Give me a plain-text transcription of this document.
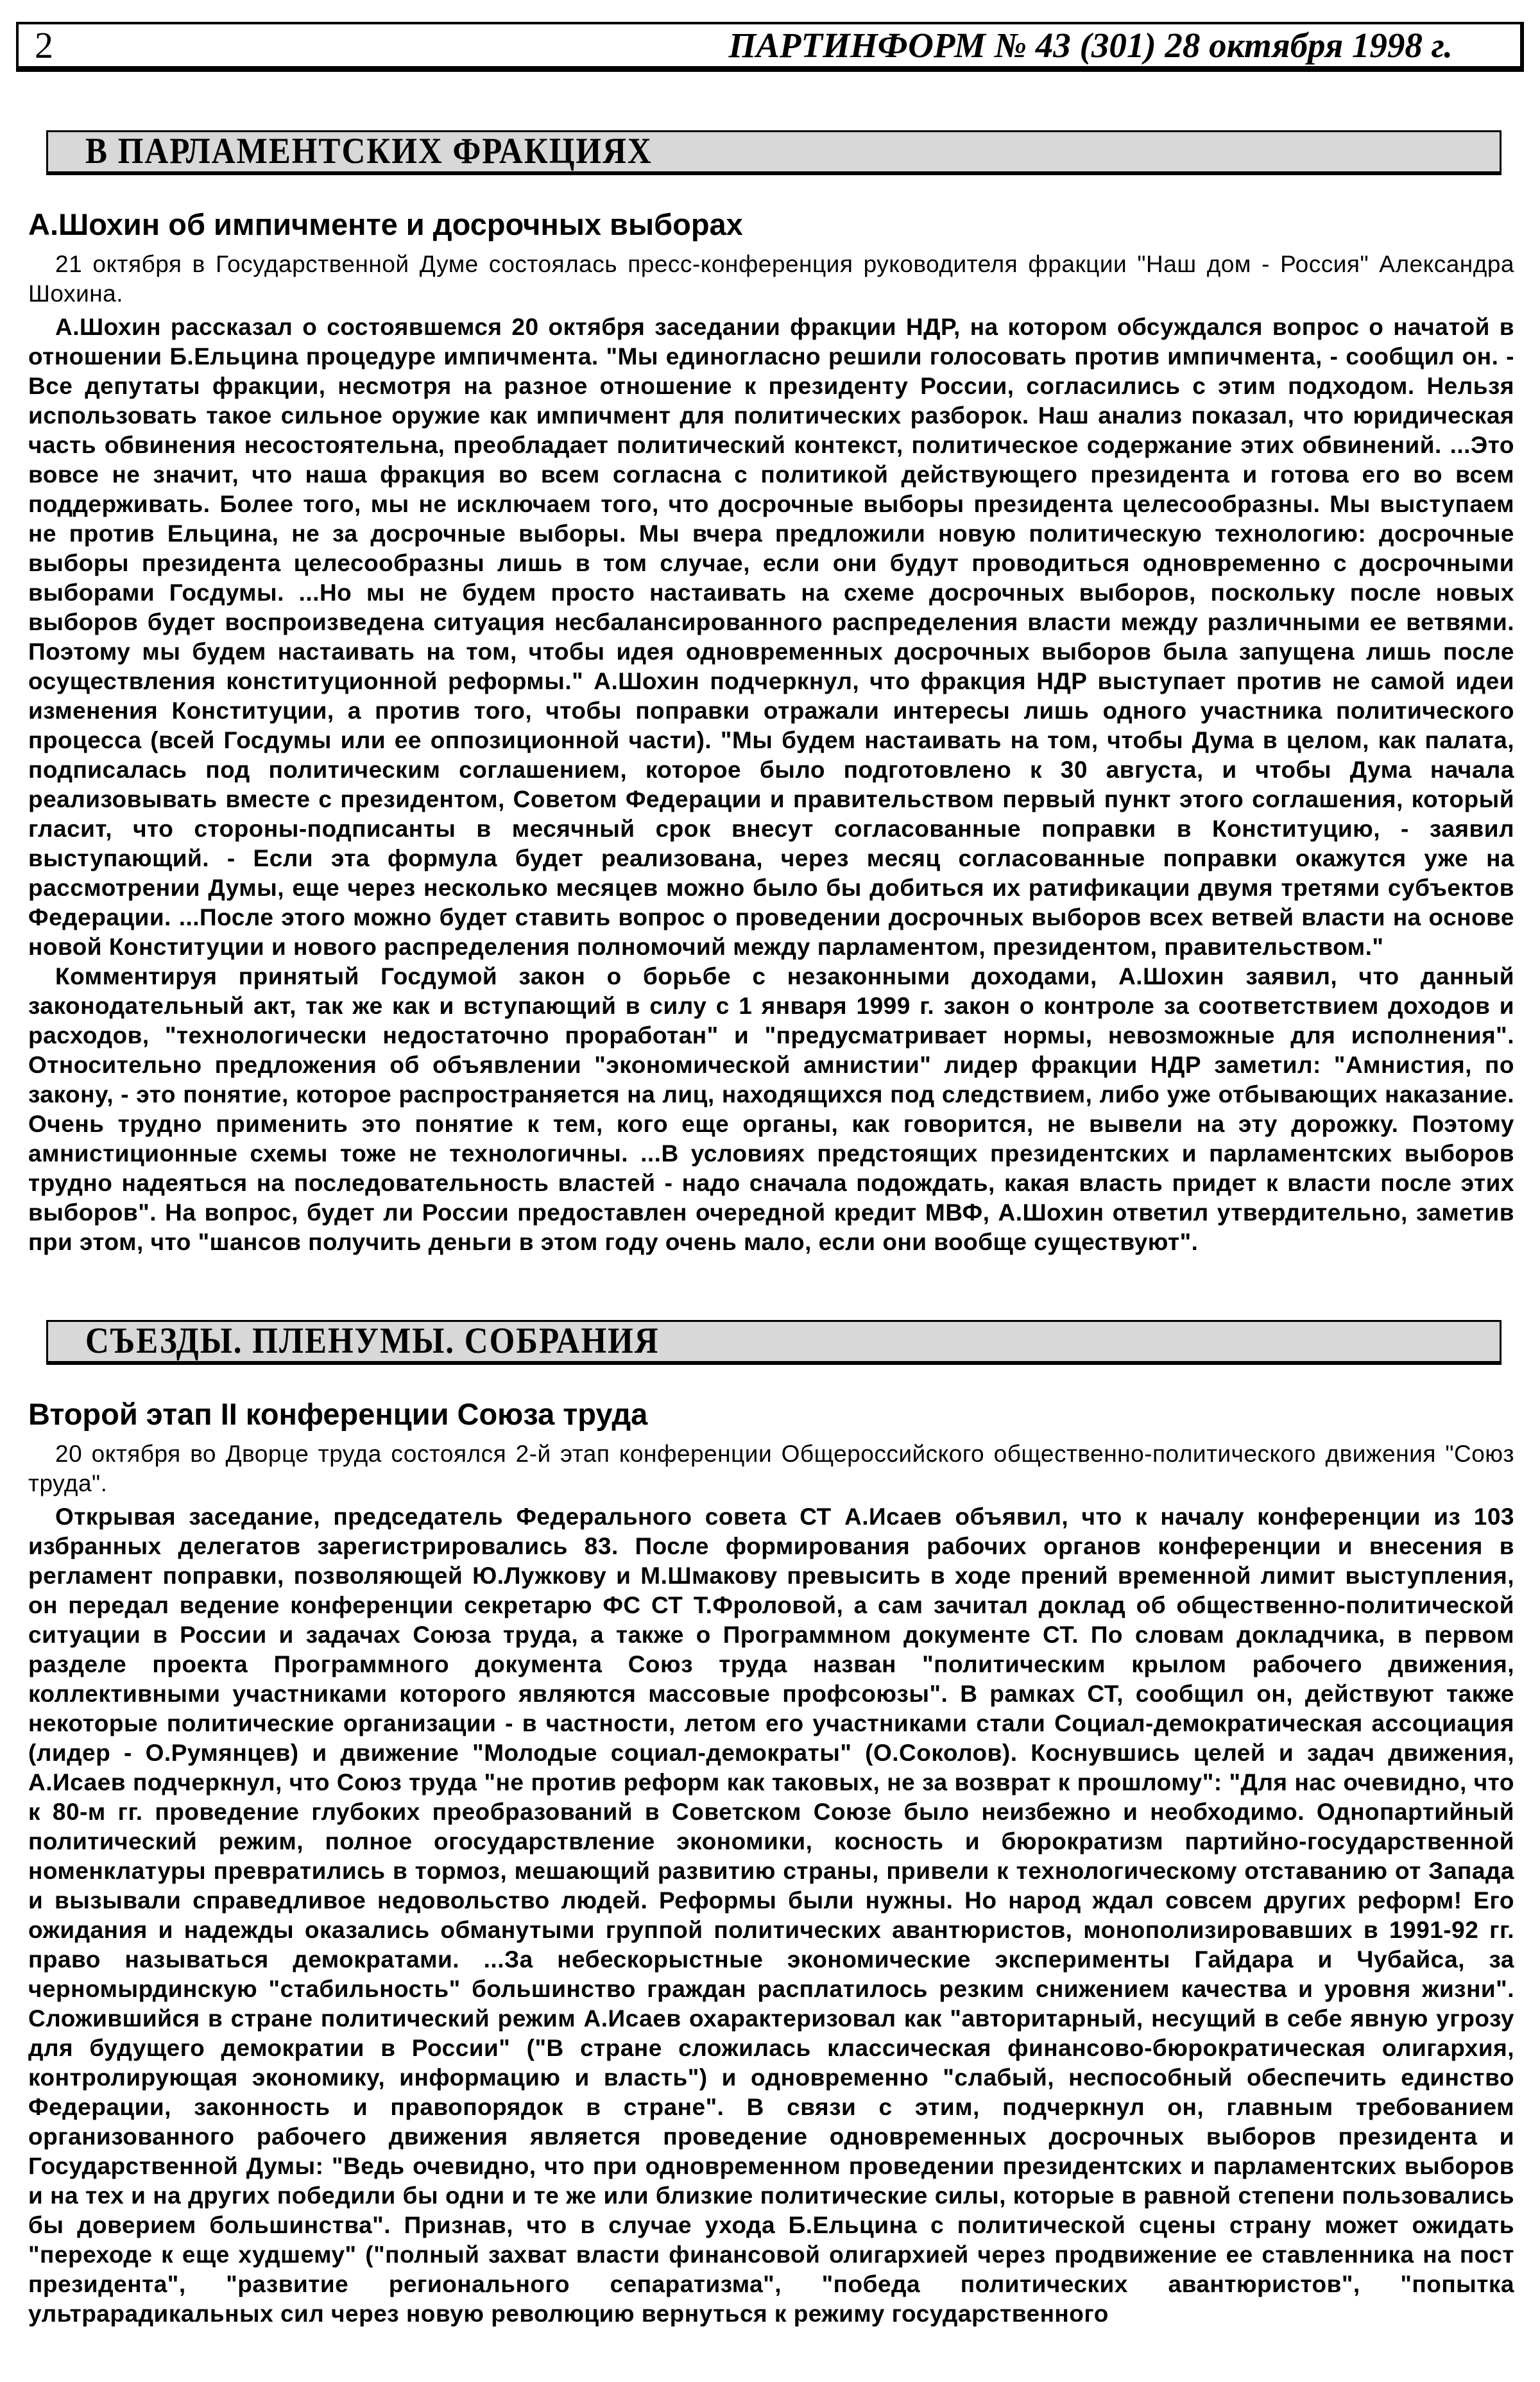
2	ПАРТИНФОРМ № 43 (301) 28 октября 1998 г.
В ПАРЛАМЕНТСКИХ ФРАКЦИЯХ
А.Шохин об импичменте и досрочных выборах

21 октября в Государственной Думе состоялась пресс-конференция руководителя фракции "Наш дом - Россия" Александра Шохина.

А.Шохин рассказал о состоявшемся 20 октября заседании фракции НДР, на котором обсуждался вопрос о начатой в отношении Б.Ельцина процедуре импичмента. "Мы единогласно решили голосовать против импичмента, - сообщил он. - Все депутаты фракции, несмотря на разное отношение к президенту России, согласились с этим подходом. Нельзя использовать такое сильное оружие как импичмент для политических разборок. Наш анализ показал, что юридическая часть обвинения несостоятельна, преобладает политический контекст, политическое содержание этих обвинений. ...Это вовсе не значит, что наша фракция во всем согласна с политикой действующего президента и готова его во всем поддерживать. Более того, мы не исключаем того, что досрочные выборы президента целесообразны. Мы выступаем не против Ельцина, не за досрочные выборы. Мы вчера предложили новую политическую технологию: досрочные выборы президента целесообразны лишь в том случае, если они будут проводиться одновременно с досрочными выборами Госдумы. ...Но мы не будем просто настаивать на схеме досрочных выборов, поскольку после новых выборов будет воспроизведена ситуация несбалансированного распределения власти между различными ее ветвями. Поэтому мы будем настаивать на том, чтобы идея одновременных досрочных выборов была запущена лишь после осуществления конституционной реформы." А.Шохин подчеркнул, что фракция НДР выступает против не самой идеи изменения Конституции, а против того, чтобы поправки отражали интересы лишь одного участника политического процесса (всей Госдумы или ее оппозиционной части). "Мы будем настаивать на том, чтобы Дума в целом, как палата, подписалась под политическим соглашением, которое было подготовлено к 30 августа, и чтобы Дума начала реализовывать вместе с президентом, Советом Федерации и правительством первый пункт этого соглашения, который гласит, что стороны-подписанты в месячный срок внесут согласованные поправки в Конституцию, - заявил выступающий. - Если эта формула будет реализована, через месяц согласованные поправки окажутся уже на рассмотрении Думы, еще через несколько месяцев можно было бы добиться их ратификации двумя третями субъектов Федерации. ...После этого можно будет ставить вопрос о проведении досрочных выборов всех ветвей власти на основе новой Конституции и нового распределения полномочий между парламентом, президентом, правительством."

Комментируя принятый Госдумой закон о борьбе с незаконными доходами, А.Шохин заявил, что данный законодательный акт, так же как и вступающий в силу с 1 января 1999 г. закон о контроле за соответствием доходов и расходов, "технологически недостаточно проработан" и "предусматривает нормы, невозможные для исполнения". Относительно предложения об объявлении "экономической амнистии" лидер фракции НДР заметил: "Амнистия, по закону, - это понятие, которое распространяется на лиц, находящихся под следствием, либо уже отбывающих наказание. Очень трудно применить это понятие к тем, кого еще органы, как говорится, не вывели на эту дорожку. Поэтому амнистиционные схемы тоже не технологичны. ...В условиях предстоящих президентских и парламентских выборов трудно надеяться на последовательность властей - надо сначала подождать, какая власть придет к власти после этих выборов". На вопрос, будет ли России предоставлен очередной кредит МВФ, А.Шохин ответил утвердительно, заметив при этом, что "шансов получить деньги в этом году очень мало, если они вообще существуют".

СЪЕЗДЫ. ПЛЕНУМЫ. СОБРАНИЯ
Второй этап II конференции Союза труда

20 октября во Дворце труда состоялся 2-й этап конференции Общероссийского общественно-политического движения "Союз труда".

Открывая заседание, председатель Федерального совета СТ А.Исаев объявил, что к началу конференции из 103 избранных делегатов зарегистрировались 83. После формирования рабочих органов конференции и внесения в регламент поправки, позволяющей Ю.Лужкову и М.Шмакову превысить в ходе прений временной лимит выступления, он передал ведение конференции секретарю ФС СТ Т.Фроловой, а сам зачитал доклад об общественно-политической ситуации в России и задачах Союза труда, а также о Программном документе СТ. По словам докладчика, в первом разделе проекта Программного документа Союз труда назван "политическим крылом рабочего движения, коллективными участниками которого являются массовые профсоюзы". В рамках СТ, сообщил он, действуют также некоторые политические организации - в частности, летом его участниками стали Социал-демократическая ассоциация (лидер - О.Румянцев) и движение "Молодые социал-демократы" (О.Соколов). Коснувшись целей и задач движения, А.Исаев подчеркнул, что Союз труда "не против реформ как таковых, не за возврат к прошлому": "Для нас очевидно, что к 80-м гг. проведение глубоких преобразований в Советском Союзе было неизбежно и необходимо. Однопартийный политический режим, полное огосударствление экономики, косность и бюрократизм партийно-государственной номенклатуры превратились в тормоз, мешающий развитию страны, привели к технологическому отставанию от Запада и вызывали справедливое недовольство людей. Реформы были нужны. Но народ ждал совсем других реформ! Его ожидания и надежды оказались обманутыми группой политических авантюристов, монополизировавших в 1991-92 гг. право называться демократами. ...За небескорыстные экономические эксперименты Гайдара и Чубайса, за черномырдинскую "стабильность" большинство граждан расплатилось резким снижением качества и уровня жизни". Сложившийся в стране политический режим А.Исаев охарактеризовал как "авторитарный, несущий в себе явную угрозу для будущего демократии в России" ("В стране сложилась классическая финансово-бюрократическая олигархия, контролирующая экономику, информацию и власть") и одновременно "слабый, неспособный обеспечить единство Федерации, законность и правопорядок в стране". В связи с этим, подчеркнул он, главным требованием организованного рабочего движения является проведение одновременных досрочных выборов президента и Государственной Думы: "Ведь очевидно, что при одновременном проведении президентских и парламентских выборов и на тех и на других победили бы одни и те же или близкие политические силы, которые в равной степени пользовались бы доверием большинства". Признав, что в случае ухода Б.Ельцина с политической сцены страну может ожидать "переходе к еще худшему" ("полный захват власти финансовой олигархией через продвижение ее ставленника на пост президента", "развитие регионального сепаратизма", "победа политических авантюристов", "попытка ультрарадикальных сил через новую революцию вернуться к режиму государственного
